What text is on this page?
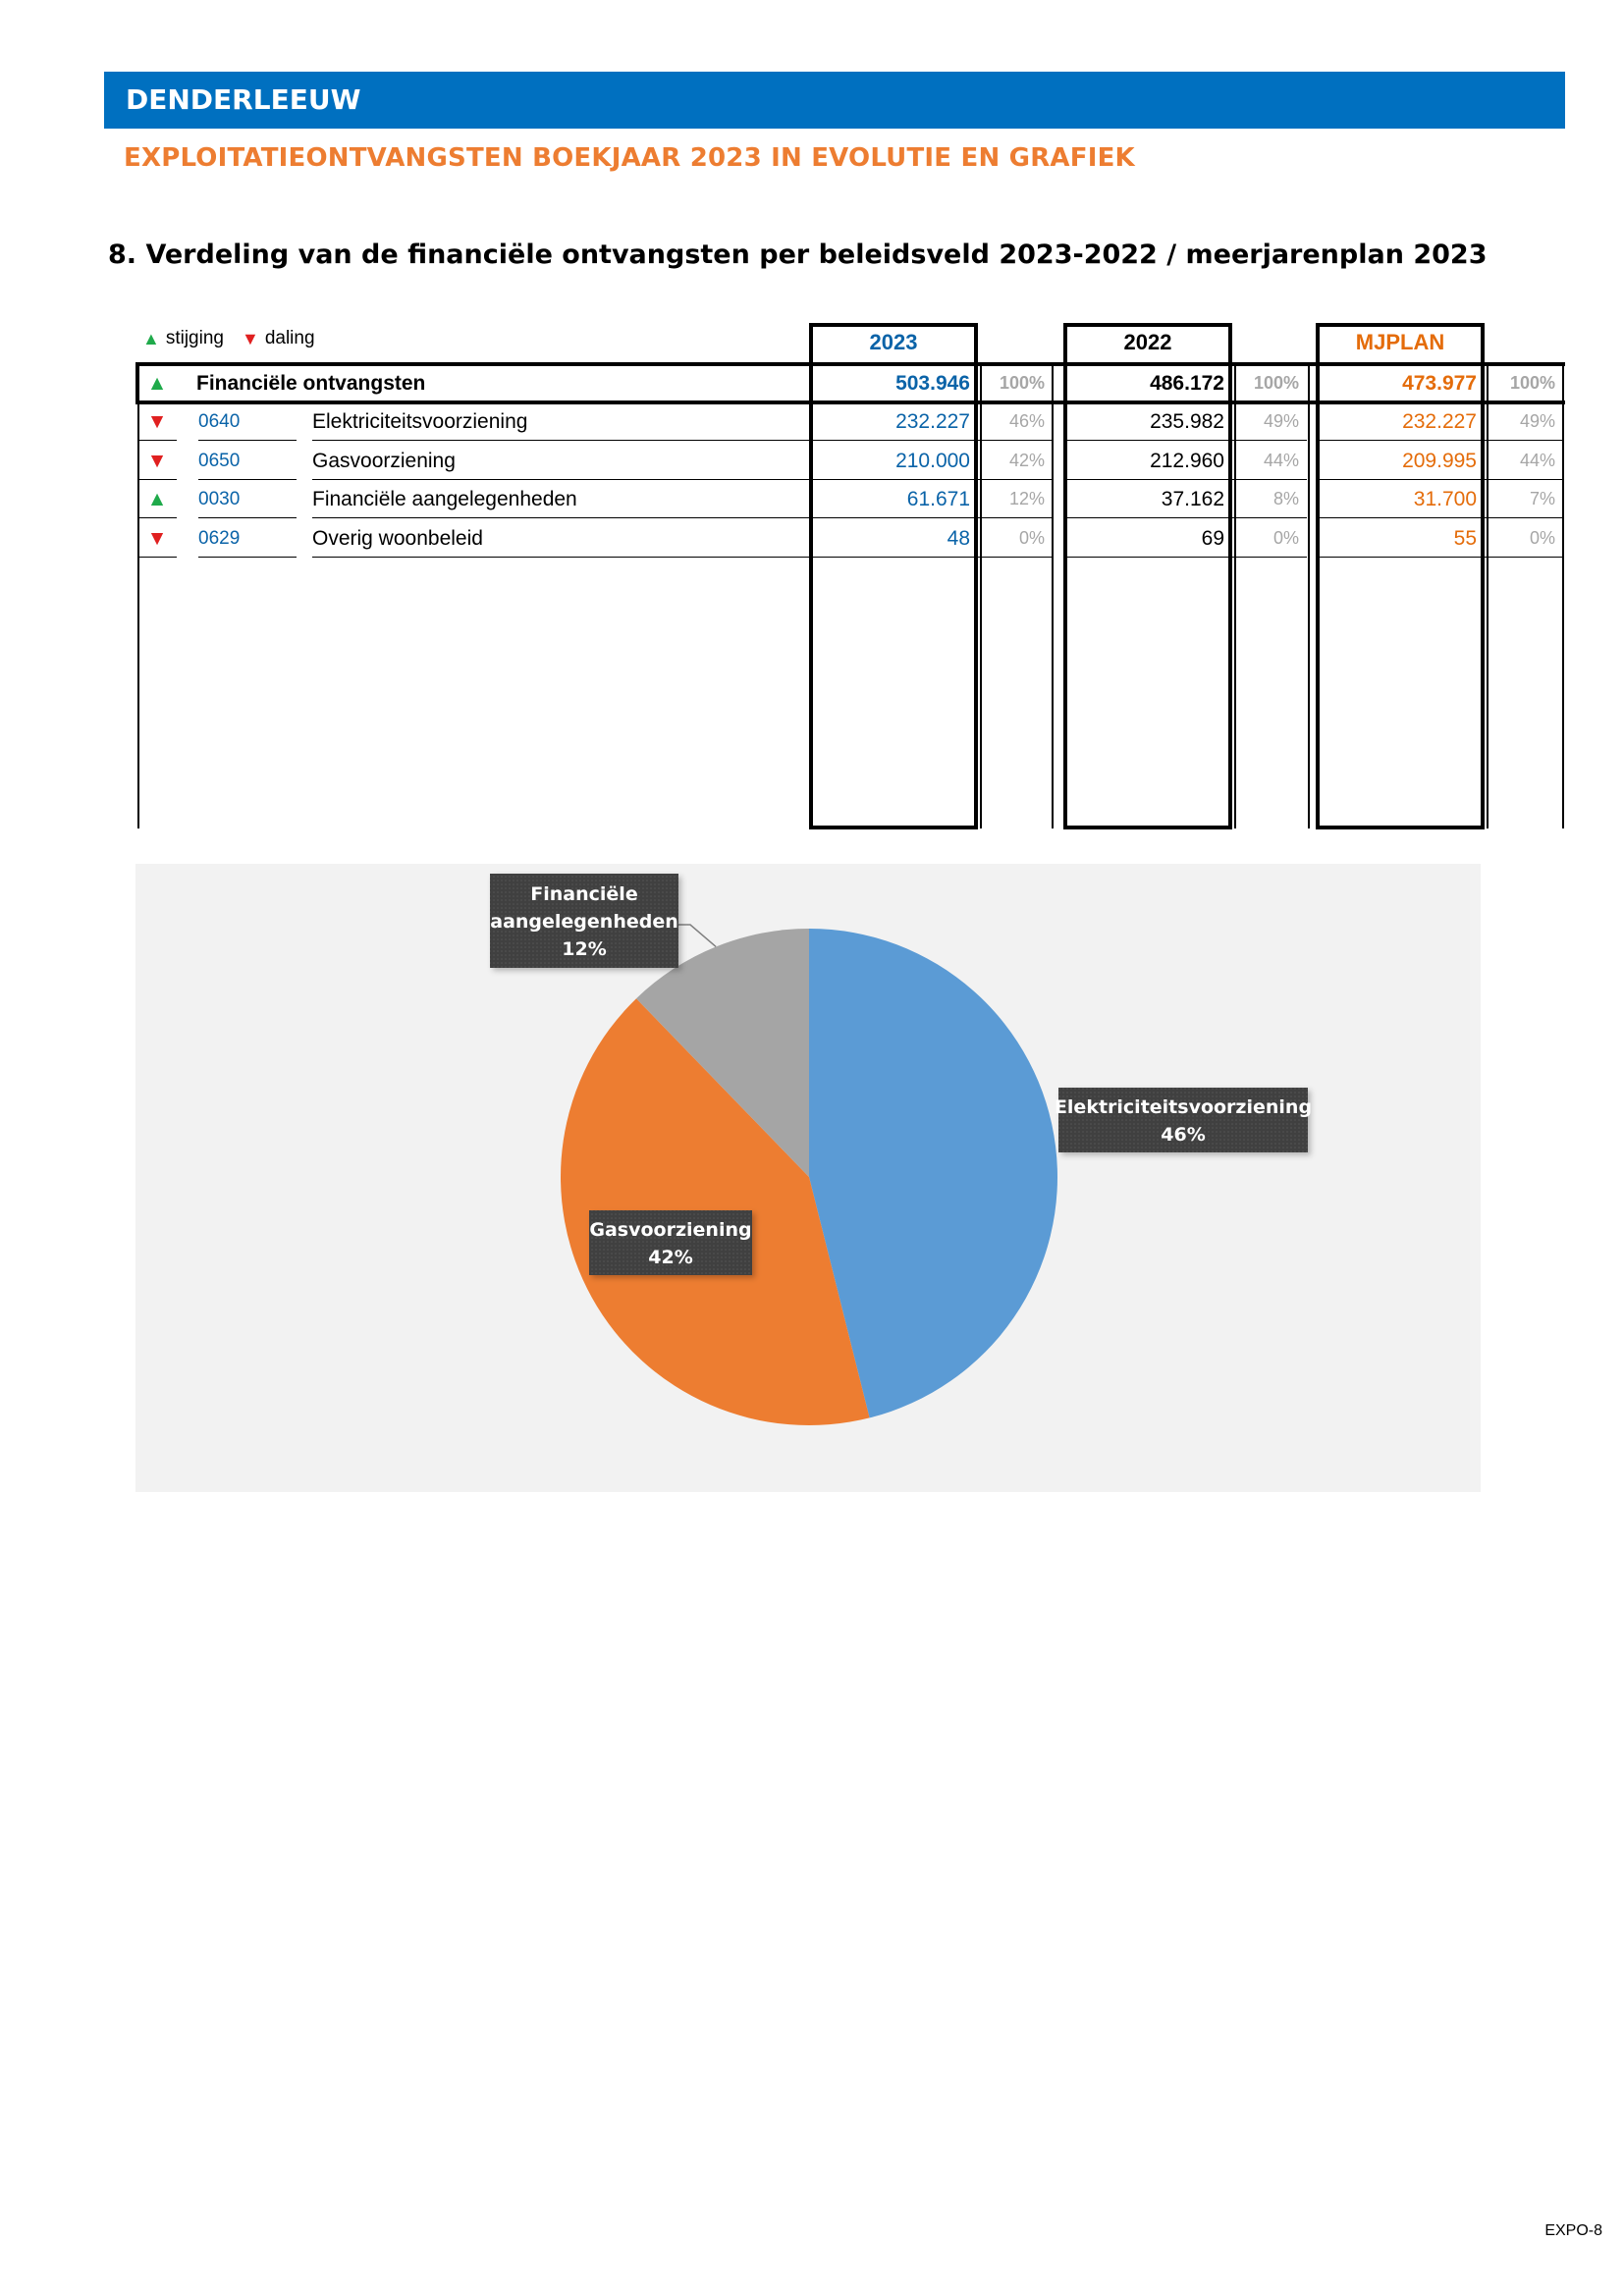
DENDERLEEUW
EXPLOITATIEONTVANGSTEN BOEKJAAR 2023 IN EVOLUTIE EN GRAFIEK
8. Verdeling van de financiële ontvangsten per beleidsveld 2023-2022 / meerjarenplan 2023
▲ stijging ▼ daling	2023	2022	MJPLAN
▲	Financiële ontvangsten	503.946	100%	486.172	100%	473.977	100%
▼	0640	Elektriciteitsvoorziening	232.227	46%	235.982	49%	232.227	49%
▼	0650	Gasvoorziening	210.000	42%	212.960	44%	209.995	44%
▲	0030	Financiële aangelegenheden	61.671	12%	37.162	8%	31.700	7%
▼	0629	Overig woonbeleid	48	0%	69	0%	55	0%
Elektriciteitsvoorziening
46%
Gasvoorziening
42%
Financiële
aangelegenheden
12%
EXPO-8
